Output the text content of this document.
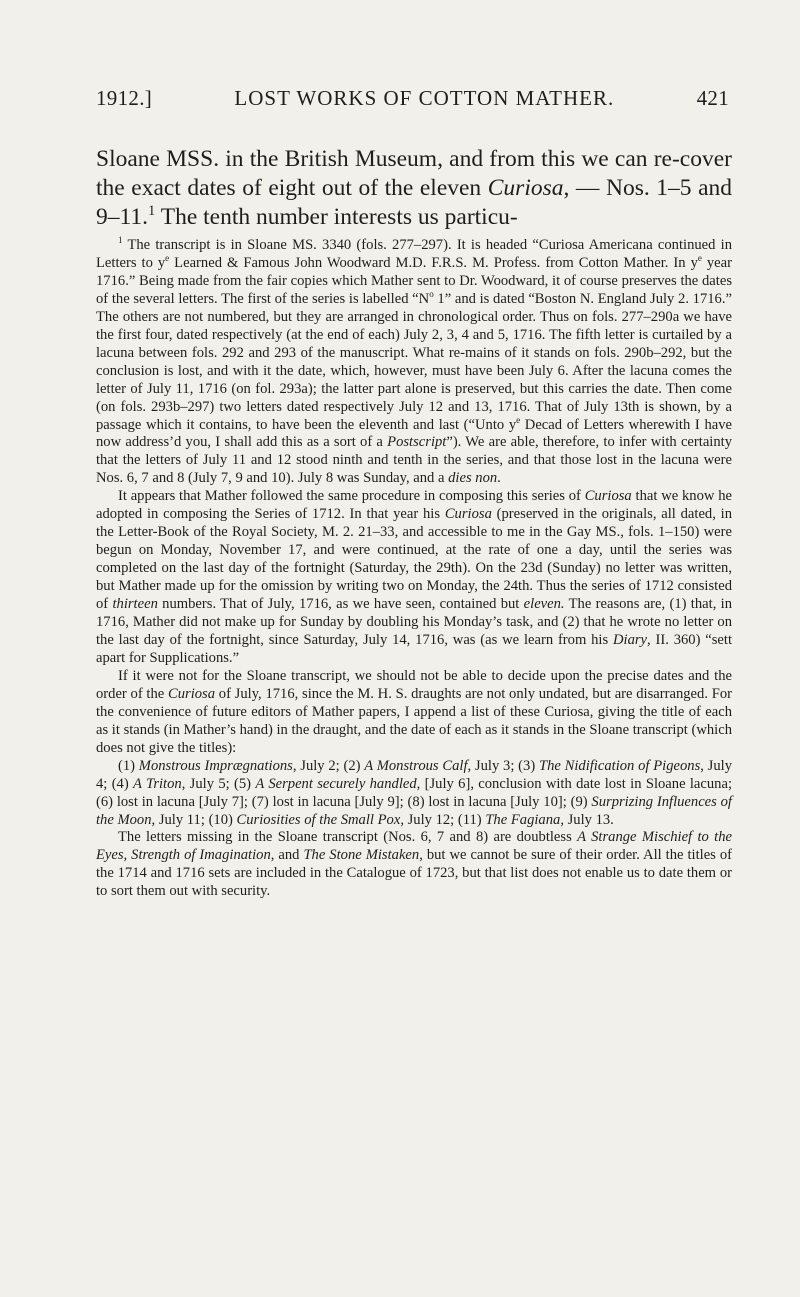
1912.]	LOST WORKS OF COTTON MATHER.	421
Sloane MSS. in the British Museum, and from this we can re-cover the exact dates of eight out of the eleven Curiosa, — Nos. 1–5 and 9–11.$^1$ The tenth number interests us particu-

$^1$ The transcript is in Sloane MS. 3340 (fols. 277–297). It is headed “Curiosa Americana continued in Letters to $y^e$ Learned & Famous John Woodward M.D. F.R.S. M. Profess. from Cotton Mather. In $y^e$ year 1716.” Being made from the fair copies which Mather sent to Dr. Woodward, it of course preserves the dates of the several letters. The first of the series is labelled “$N^o$ 1” and is dated “Boston N. England July 2. 1716.” The others are not numbered, but they are arranged in chronological order. Thus on fols. 277–290a we have the first four, dated respectively (at the end of each) July 2, 3, 4 and 5, 1716. The fifth letter is curtailed by a lacuna between fols. 292 and 293 of the manuscript. What re-mains of it stands on fols. 290b–292, but the conclusion is lost, and with it the date, which, however, must have been July 6. After the lacuna comes the letter of July 11, 1716 (on fol. 293a); the latter part alone is preserved, but this carries the date. Then come (on fols. 293b–297) two letters dated respectively July 12 and 13, 1716. That of July 13th is shown, by a passage which it contains, to have been the eleventh and last (“Unto $y^e$ Decad of Letters wherewith I have now address’d you, I shall add this as a sort of a Postscript”). We are able, therefore, to infer with certainty that the letters of July 11 and 12 stood ninth and tenth in the series, and that those lost in the lacuna were Nos. 6, 7 and 8 (July 7, 9 and 10). July 8 was Sunday, and a dies non.

It appears that Mather followed the same procedure in composing this series of Curiosa that we know he adopted in composing the Series of 1712. In that year his Curiosa (preserved in the originals, all dated, in the Letter-Book of the Royal Society, M. 2. 21–33, and accessible to me in the Gay MS., fols. 1–150) were begun on Monday, November 17, and were continued, at the rate of one a day, until the series was completed on the last day of the fortnight (Saturday, the 29th). On the 23d (Sunday) no letter was written, but Mather made up for the omission by writing two on Monday, the 24th. Thus the series of 1712 consisted of thirteen numbers. That of July, 1716, as we have seen, contained but eleven. The reasons are, (1) that, in 1716, Mather did not make up for Sunday by doubling his Monday’s task, and (2) that he wrote no letter on the last day of the fortnight, since Saturday, July 14, 1716, was (as we learn from his Diary, II. 360) “sett apart for Supplications.”

If it were not for the Sloane transcript, we should not be able to decide upon the precise dates and the order of the Curiosa of July, 1716, since the M. H. S. draughts are not only undated, but are disarranged. For the convenience of future editors of Mather papers, I append a list of these Curiosa, giving the title of each as it stands (in Mather’s hand) in the draught, and the date of each as it stands in the Sloane transcript (which does not give the titles):

(1) Monstrous Imprægnations, July 2; (2) A Monstrous Calf, July 3; (3) The Nidification of Pigeons, July 4; (4) A Triton, July 5; (5) A Serpent securely handled, [July 6], conclusion with date lost in Sloane lacuna; (6) lost in lacuna [July 7]; (7) lost in lacuna [July 9]; (8) lost in lacuna [July 10]; (9) Surprizing Influences of the Moon, July 11; (10) Curiosities of the Small Pox, July 12; (11) The Fagiana, July 13.

The letters missing in the Sloane transcript (Nos. 6, 7 and 8) are doubtless A Strange Mischief to the Eyes, Strength of Imagination, and The Stone Mistaken, but we cannot be sure of their order. All the titles of the 1714 and 1716 sets are included in the Catalogue of 1723, but that list does not enable us to date them or to sort them out with security.
